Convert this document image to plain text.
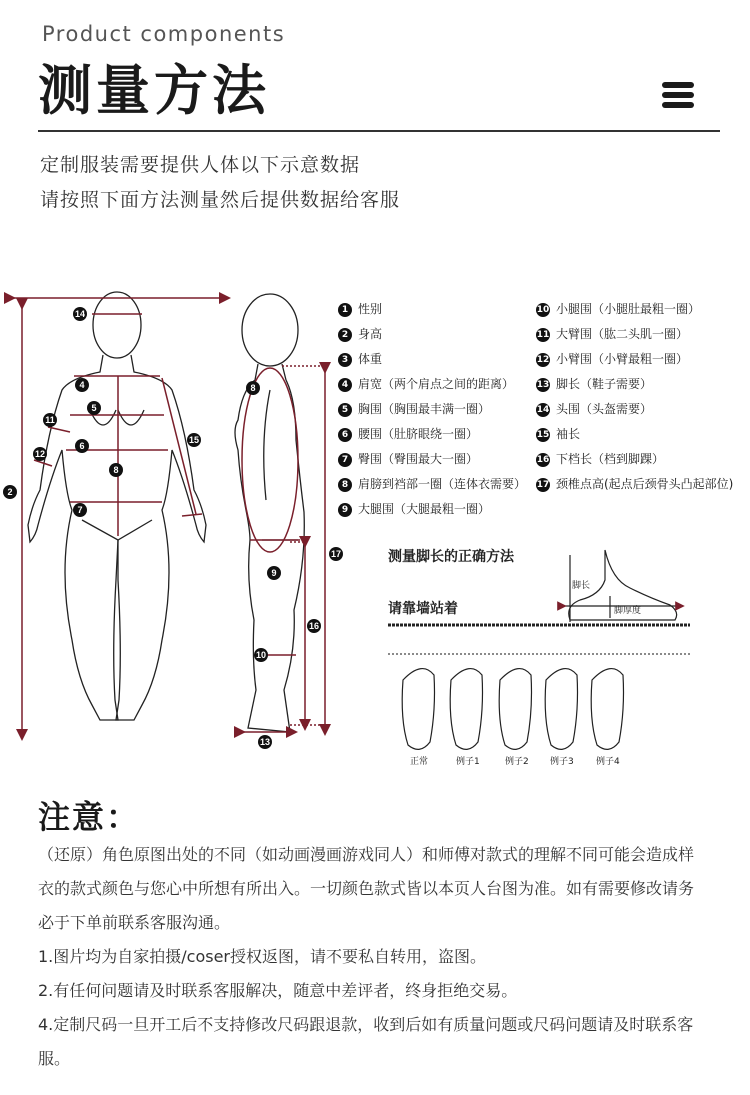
Product components
测量方法
定制服装需要提供人体以下示意数据
请按照下面方法测量然后提供数据给客服
1 性别
2 身高
3 体重
4 肩宽（两个肩点之间的距离）
5 胸围（胸围最丰满一圈）
6 腰围（肚脐眼绕一圈）
7 臀围（臀围最大一圈）
8 肩膀到裆部一圈（连体衣需要）
9 大腿围（大腿最粗一圈）
10 小腿围（小腿肚最粗一圈）
11 大臂围（肱二头肌一圈）
12 小臂围（小臂最粗一圈）
13 脚长（鞋子需要）
14 头围（头盔需要）
15 袖长
16 下档长（档到脚踝）
17 颈椎点高(起点后颈骨头凸起部位)
14
4
5
11
6
15
12
8
2
7
8
17
9
16
10
13
测量脚长的正确方法
请靠墙站着
脚长
脚厚度
正常	例子1	例子2 例子3 例子4
注意：
（还原）角色原图出处的不同（如动画漫画游戏同人）和师傅对款式的理解不同可能会造成样
衣的款式颜色与您心中所想有所出入。一切颜色款式皆以本页人台图为准。如有需要修改请务
必于下单前联系客服沟通。
1.图片均为自家拍摄/coser授权返图，请不要私自转用，盗图。
2.有任何问题请及时联系客服解决，随意中差评者，终身拒绝交易。
4.定制尺码一旦开工后不支持修改尺码跟退款，收到后如有质量问题或尺码问题请及时联系客
服。
